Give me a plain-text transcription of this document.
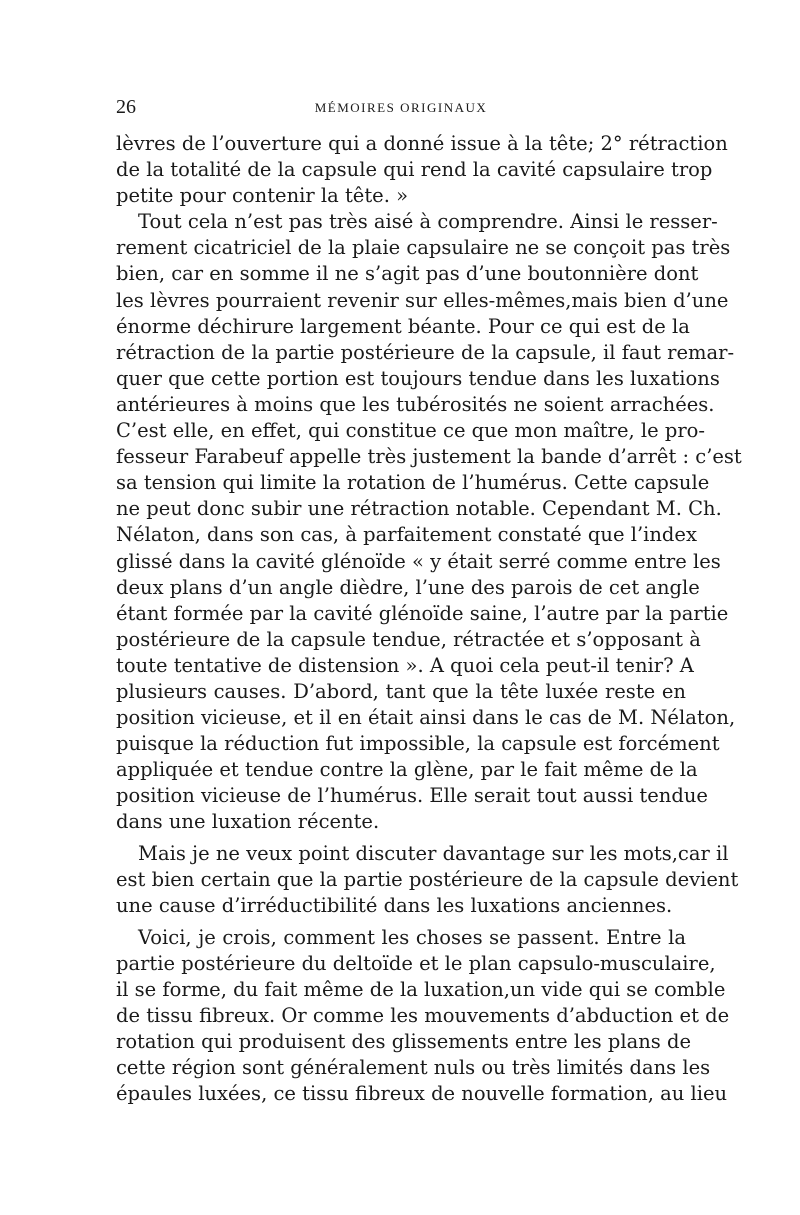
26	MÉMOIRES ORIGINAUX
lèvres de l’ouverture qui a donné issue à la tête; 2° rétraction
de la totalité de la capsule qui rend la cavité capsulaire trop
petite pour contenir la tête. »
Tout cela n’est pas très aisé à comprendre. Ainsi le resser-
rement cicatriciel de la plaie capsulaire ne se conçoit pas très
bien, car en somme il ne s’agit pas d’une boutonnière dont
les lèvres pourraient revenir sur elles-mêmes,mais bien d’une
énorme déchirure largement béante. Pour ce qui est de la
rétraction de la partie postérieure de la capsule, il faut remar-
quer que cette portion est toujours tendue dans les luxations
antérieures à moins que les tubérosités ne soient arrachées.
C’est elle, en effet, qui constitue ce que mon maître, le pro-
fesseur Farabeuf appelle très justement la bande d’arrêt : c’est
sa tension qui limite la rotation de l’humérus. Cette capsule
ne peut donc subir une rétraction notable. Cependant M. Ch.
Nélaton, dans son cas, à parfaitement constaté que l’index
glissé dans la cavité glénoïde « y était serré comme entre les
deux plans d’un angle dièdre, l’une des parois de cet angle
étant formée par la cavité glénoïde saine, l’autre par la partie
postérieure de la capsule tendue, rétractée et s’opposant à
toute tentative de distension ». A quoi cela peut-il tenir? A
plusieurs causes. D’abord, tant que la tête luxée reste en
position vicieuse, et il en était ainsi dans le cas de M. Nélaton,
puisque la réduction fut impossible, la capsule est forcément
appliquée et tendue contre la glène, par le fait même de la
position vicieuse de l’humérus. Elle serait tout aussi tendue
dans une luxation récente.
Mais je ne veux point discuter davantage sur les mots,car il
est bien certain que la partie postérieure de la capsule devient
une cause d’irréductibilité dans les luxations anciennes.
Voici, je crois, comment les choses se passent. Entre la
partie postérieure du deltoïde et le plan capsulo-musculaire,
il se forme, du fait même de la luxation,un vide qui se comble
de tissu fibreux. Or comme les mouvements d’abduction et de
rotation qui produisent des glissements entre les plans de
cette région sont généralement nuls ou très limités dans les
épaules luxées, ce tissu fibreux de nouvelle formation, au lieu
